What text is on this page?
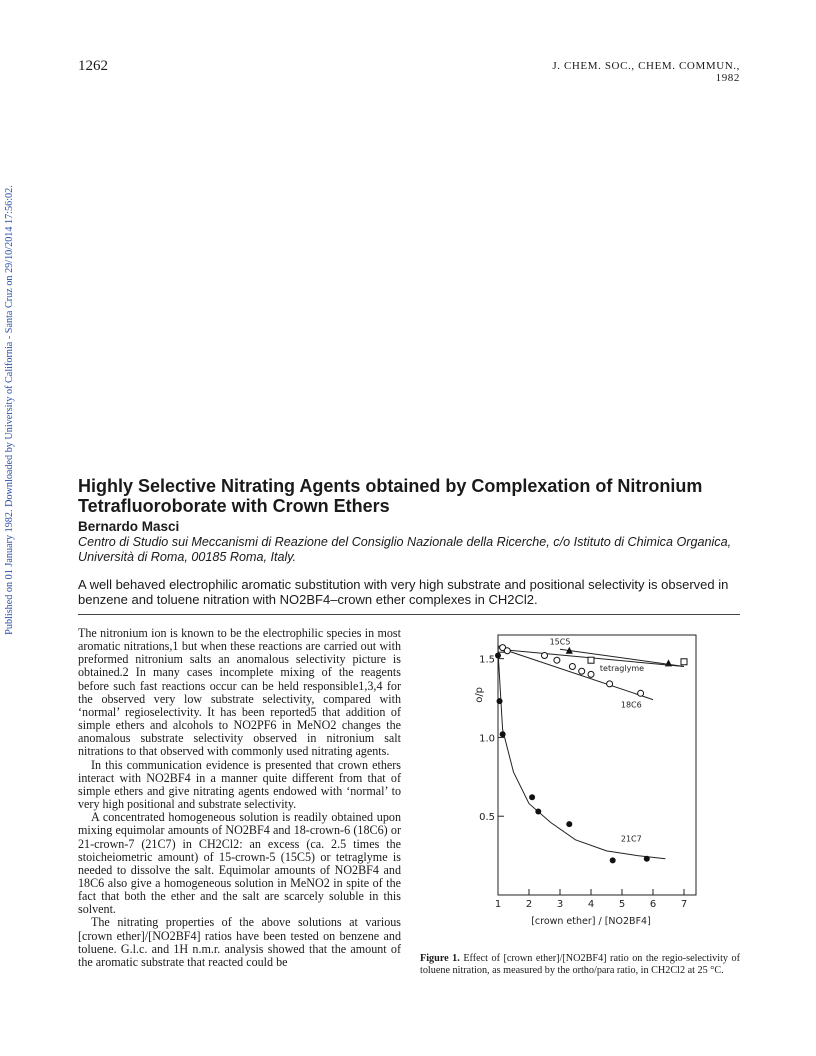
1262	J. CHEM. SOC., CHEM. COMMUN., 1982
Published on 01 January 1982. Downloaded by University of California - Santa Cruz on 29/10/2014 17:56:02.	Highly Selective Nitrating Agents obtained by Complexation of Nitronium Tetrafluoroborate with Crown Ethers
Bernardo Masci
Centro di Studio sui Meccanismi di Reazione del Consiglio Nazionale della Ricerche, c/o Istituto di Chimica Organica, Università di Roma, 00185 Roma, Italy.
A well behaved electrophilic aromatic substitution with very high substrate and positional selectivity is observed in benzene and toluene nitration with NO2BF4–crown ether complexes in CH2Cl2.

The nitronium ion is known to be the electrophilic species in most aromatic nitrations,1 but when these reactions are carried out with preformed nitronium salts an anomalous selectivity picture is obtained.2 In many cases incomplete mixing of the reagents before such fast reactions occur can be held responsible1,3,4 for the observed very low substrate selectivity, compared with ‘normal’ regioselectivity. It has been reported5 that addition of simple ethers and alcohols to NO2PF6 in MeNO2 changes the anomalous substrate selectivity observed in nitronium salt nitrations to that observed with commonly used nitrating agents.

In this communication evidence is presented that crown ethers interact with NO2BF4 in a manner quite different from that of simple ethers and give nitrating agents endowed with ‘normal’ to very high positional and substrate selectivity.

A concentrated homogeneous solution is readily obtained upon mixing equimolar amounts of NO2BF4 and 18-crown-6 (18C6) or 21-crown-7 (21C7) in CH2Cl2: an excess (ca. 2.5 times the stoicheiometric amount) of 15-crown-5 (15C5) or tetraglyme is needed to dissolve the salt. Equimolar amounts of NO2BF4 and 18C6 also give a homogeneous solution in MeNO2 in spite of the fact that both the ether and the salt are scarcely soluble in this solvent.

The nitrating properties of the above solutions at various [crown ether]/[NO2BF4] ratios have been tested on benzene and toluene. G.l.c. and 1H n.m.r. analysis showed that the amount of the aromatic substrate that reacted could be

0.5
1.0
1.5
1 2 3 4 5 6 7
[crown ether] / [NO2BF4]
o/p
15C5
tetraglyme
18C6
21C7
Figure 1. Effect of [crown ether]/[NO2BF4] ratio on the regio-selectivity of toluene nitration, as measured by the ortho/para ratio, in CH2Cl2 at 25 °C.
